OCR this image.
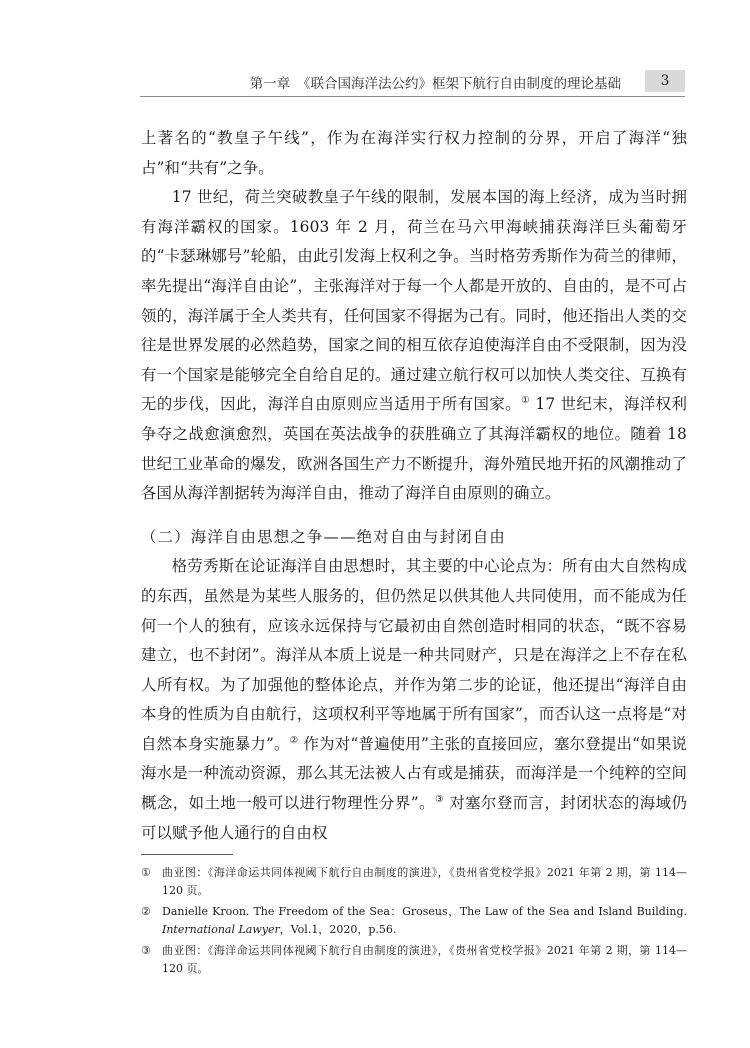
第一章　《联合国海洋法公约》框架下航行自由制度的理论基础	3

上著名的“教皇子午线”，作为在海洋实行权力控制的分界，开启了海洋“独占”和“共有”之争。

17 世纪，荷兰突破教皇子午线的限制，发展本国的海上经济，成为当时拥有海洋霸权的国家。1603 年 2 月，荷兰在马六甲海峡捕获海洋巨头葡萄牙的“卡瑟琳娜号”轮船，由此引发海上权利之争。当时格劳秀斯作为荷兰的律师，率先提出“海洋自由论”，主张海洋对于每一个人都是开放的、自由的，是不可占领的，海洋属于全人类共有，任何国家不得据为己有。同时，他还指出人类的交往是世界发展的必然趋势，国家之间的相互依存迫使海洋自由不受限制，因为没有一个国家是能够完全自给自足的。通过建立航行权可以加快人类交往、互换有无的步伐，因此，海洋自由原则应当适用于所有国家。① 17 世纪末，海洋权利争夺之战愈演愈烈，英国在英法战争的获胜确立了其海洋霸权的地位。随着 18 世纪工业革命的爆发，欧洲各国生产力不断提升，海外殖民地开拓的风潮推动了各国从海洋割据转为海洋自由，推动了海洋自由原则的确立。

（二）海洋自由思想之争——绝对自由与封闭自由

格劳秀斯在论证海洋自由思想时，其主要的中心论点为：所有由大自然构成的东西，虽然是为某些人服务的，但仍然足以供其他人共同使用，而不能成为任何一个人的独有，应该永远保持与它最初由自然创造时相同的状态，“既不容易建立，也不封闭”。海洋从本质上说是一种共同财产，只是在海洋之上不存在私人所有权。为了加强他的整体论点，并作为第二步的论证，他还提出“海洋自由本身的性质为自由航行，这项权利平等地属于所有国家”，而否认这一点将是“对自然本身实施暴力”。② 作为对“普遍使用”主张的直接回应，塞尔登提出“如果说海水是一种流动资源，那么其无法被人占有或是捕获，而海洋是一个纯粹的空间概念，如土地一般可以进行物理性分界”。③ 对塞尔登而言，封闭状态的海域仍可以赋予他人通行的自由权

① 曲亚图：《海洋命运共同体视阈下航行自由制度的演进》，《贵州省党校学报》2021 年第 2 期，第 114—120 页。

② Danielle Kroon. The Freedom of the Sea：Groseus，The Law of the Sea and Island Building. International Lawyer，Vol.1，2020，p.56.

③ 曲亚图：《海洋命运共同体视阈下航行自由制度的演进》，《贵州省党校学报》2021 年第 2 期，第 114—120 页。
